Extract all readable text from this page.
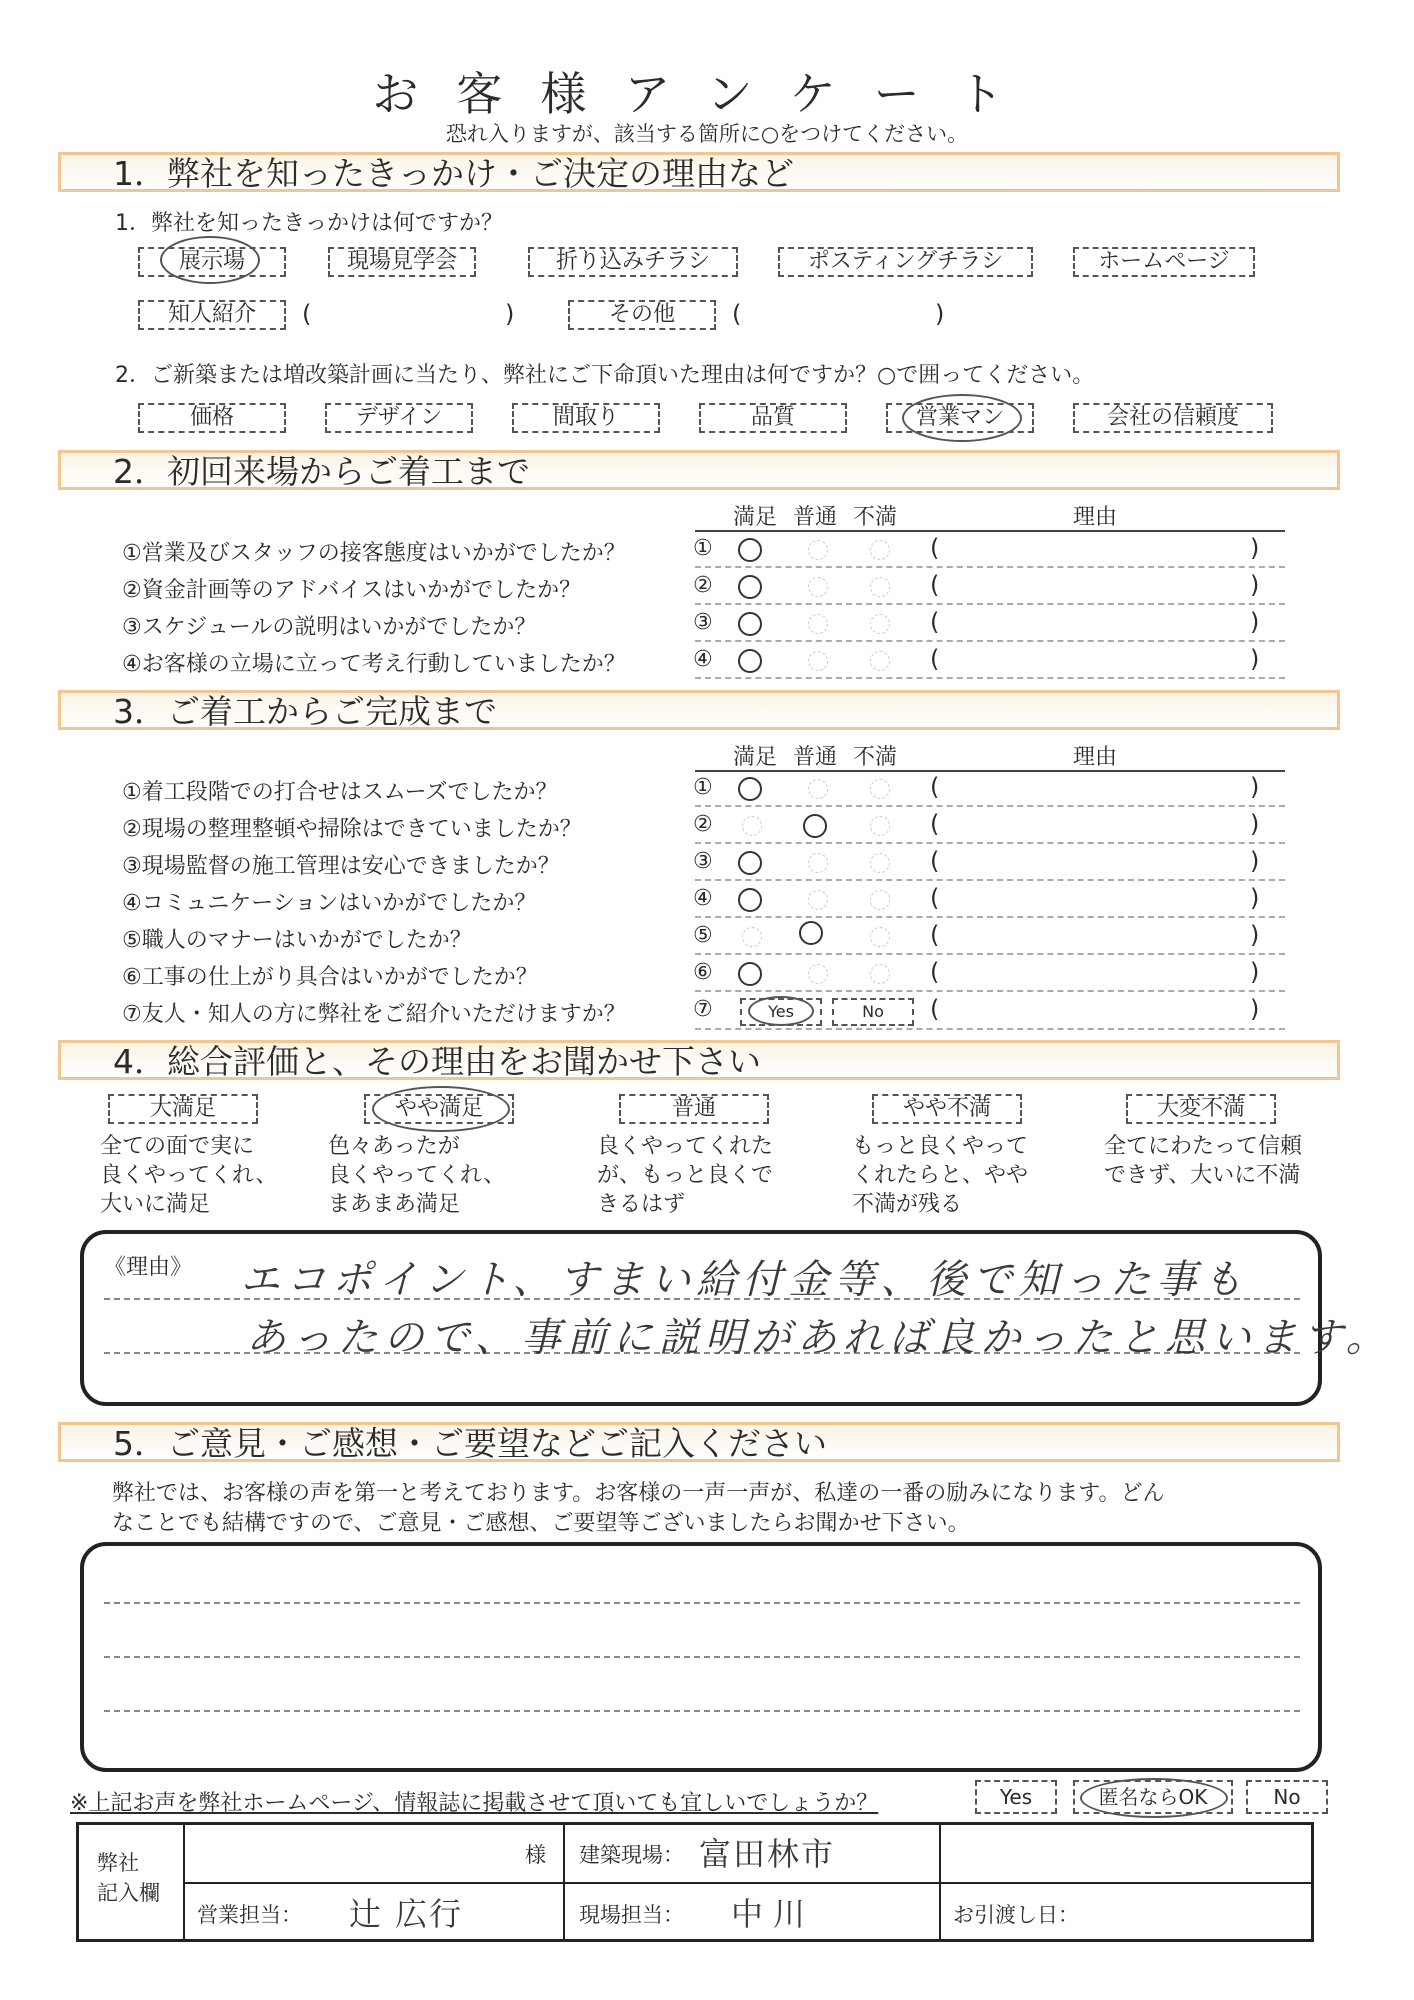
お客様アンケート
恐れ入りますが、該当する箇所に○をつけてください。
1．弊社を知ったきっかけ・ご決定の理由など
1．弊社を知ったきっかけは何ですか？
展示場	現場見学会	折り込みチラシ	ポスティングチラシ	ホームページ
知人紹介	(	)	その他	(	)
2．ご新築または増改築計画に当たり、弊社にご下命頂いた理由は何ですか？○で囲ってください。
価格	デザイン	間取り	品質	営業マン	会社の信頼度
2．初回来場からご着工まで
満足 普通 不満	理由
①営業及びスタッフの接客態度はいかがでしたか？	①	(	)
②資金計画等のアドバイスはいかがでしたか？	②	(	)
③スケジュールの説明はいかがでしたか？	③	(	)
④お客様の立場に立って考え行動していましたか？	④	(	)
3．ご着工からご完成まで
満足 普通 不満	理由
①着工段階での打合せはスムーズでしたか？	①	(	)
②現場の整理整頓や掃除はできていましたか？	②	(	)
③現場監督の施工管理は安心できましたか？	③	(	)
④コミュニケーションはいかがでしたか？	④	(	)
⑤職人のマナーはいかがでしたか？	⑤	(	)
⑥工事の仕上がり具合はいかがでしたか？	⑥	(	)
⑦友人・知人の方に弊社をご紹介いただけますか？	⑦	Yes	No	(	)
4．総合評価と、その理由をお聞かせ下さい
大満足	やや満足	普通	やや不満	大変不満
全ての面で実に
良くやってくれ、
大いに満足
色々あったが
良くやってくれ、
まあまあ満足
良くやってくれた
が、もっと良くで
きるはず
もっと良くやって
くれたらと、やや
不満が残る
全てにわたって信頼
できず、大いに不満
《理由》 エコポイント、すまい給付金等、後で知った事も
あったので、事前に説明があれば良かったと思います。
5．ご意見・ご感想・ご要望などご記入ください
弊社では、お客様の声を第一と考えております。お客様の一声一声が、私達の一番の励みになります。どん
なことでも結構ですので、ご意見・ご感想、ご要望等ございましたらお聞かせ下さい。
※上記お声を弊社ホームページ、情報誌に掲載させて頂いても宜しいでしょうか？	Yes	匿名ならOK	No
弊社
記入欄
様 建築現場： 富田林市
営業担当： 辻 広行	現場担当： 中川	お引渡し日：
